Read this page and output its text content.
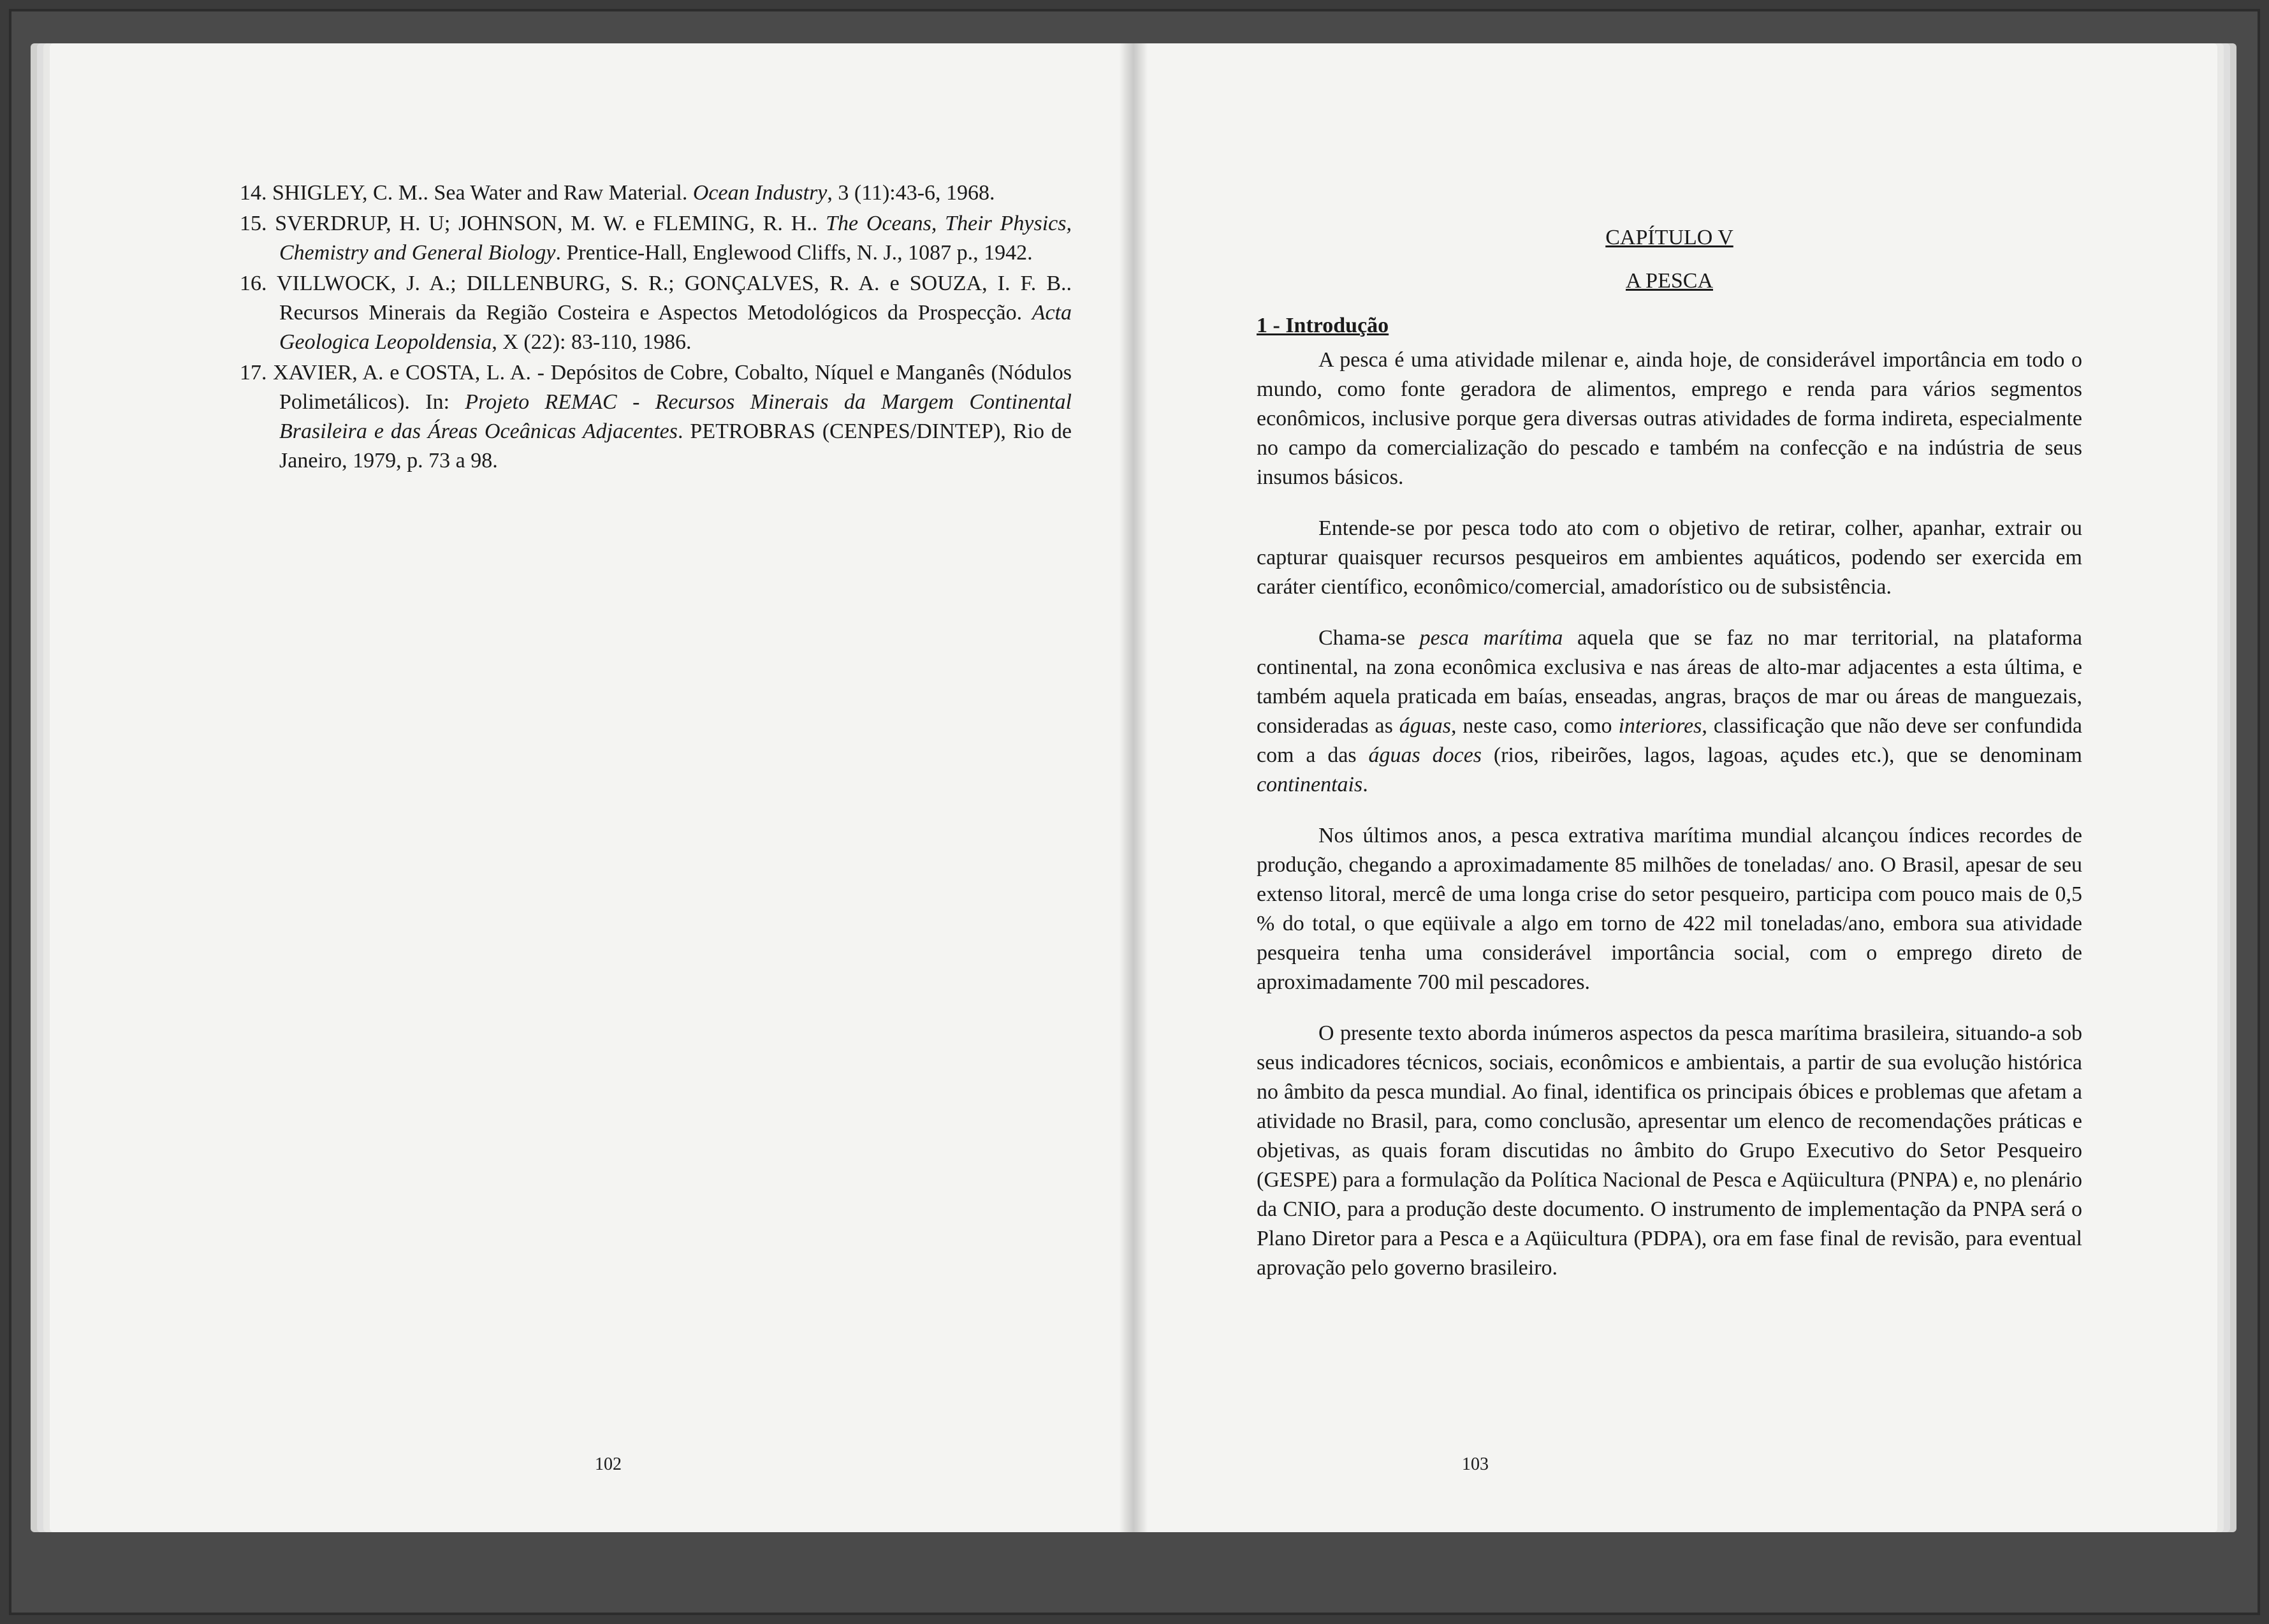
14. SHIGLEY, C. M.. Sea Water and Raw Material. Ocean Industry, 3 (11):43-6, 1968.

15. SVERDRUP, H. U; JOHNSON, M. W. e FLEMING, R. H.. The Oceans, Their Physics, Chemistry and General Biology. Prentice-Hall, Englewood Cliffs, N. J., 1087 p., 1942.

16. VILLWOCK, J. A.; DILLENBURG, S. R.; GONÇALVES, R. A. e SOUZA, I. F. B.. Recursos Minerais da Região Costeira e Aspectos Metodológicos da Prospecção. Acta Geologica Leopoldensia, X (22): 83-110, 1986.

17. XAVIER, A. e COSTA, L. A. - Depósitos de Cobre, Cobalto, Níquel e Manganês (Nódulos Polimetálicos). In: Projeto REMAC - Recursos Minerais da Margem Continental Brasileira e das Áreas Oceânicas Adjacentes. PETROBRAS (CENPES/DINTEP), Rio de Janeiro, 1979, p. 73 a 98.

102
CAPÍTULO V
A PESCA
1 - Introdução

A pesca é uma atividade milenar e, ainda hoje, de considerável importância em todo o mundo, como fonte geradora de alimentos, emprego e renda para vários segmentos econômicos, inclusive porque gera diversas outras atividades de forma indireta, especialmente no campo da comercialização do pescado e também na confecção e na indústria de seus insumos básicos.

Entende-se por pesca todo ato com o objetivo de retirar, colher, apanhar, extrair ou capturar quaisquer recursos pesqueiros em ambientes aquáticos, podendo ser exercida em caráter científico, econômico/comercial, amadorístico ou de subsistência.

Chama-se pesca marítima aquela que se faz no mar territorial, na plataforma continental, na zona econômica exclusiva e nas áreas de alto-mar adjacentes a esta última, e também aquela praticada em baías, enseadas, angras, braços de mar ou áreas de manguezais, consideradas as águas, neste caso, como interiores, classificação que não deve ser confundida com a das águas doces (rios, ribeirões, lagos, lagoas, açudes etc.), que se denominam continentais.

Nos últimos anos, a pesca extrativa marítima mundial alcançou índices recordes de produção, chegando a aproximadamente 85 milhões de toneladas/ ano. O Brasil, apesar de seu extenso litoral, mercê de uma longa crise do setor pesqueiro, participa com pouco mais de 0,5 % do total, o que eqüivale a algo em torno de 422 mil toneladas/ano, embora sua atividade pesqueira tenha uma considerável importância social, com o emprego direto de aproximadamente 700 mil pescadores.

O presente texto aborda inúmeros aspectos da pesca marítima brasileira, situando-a sob seus indicadores técnicos, sociais, econômicos e ambientais, a partir de sua evolução histórica no âmbito da pesca mundial. Ao final, identifica os principais óbices e problemas que afetam a atividade no Brasil, para, como conclusão, apresentar um elenco de recomendações práticas e objetivas, as quais foram discutidas no âmbito do Grupo Executivo do Setor Pesqueiro (GESPE) para a formulação da Política Nacional de Pesca e Aqüicultura (PNPA) e, no plenário da CNIO, para a produção deste documento. O instrumento de implementação da PNPA será o Plano Diretor para a Pesca e a Aqüicultura (PDPA), ora em fase final de revisão, para eventual aprovação pelo governo brasileiro.

103
